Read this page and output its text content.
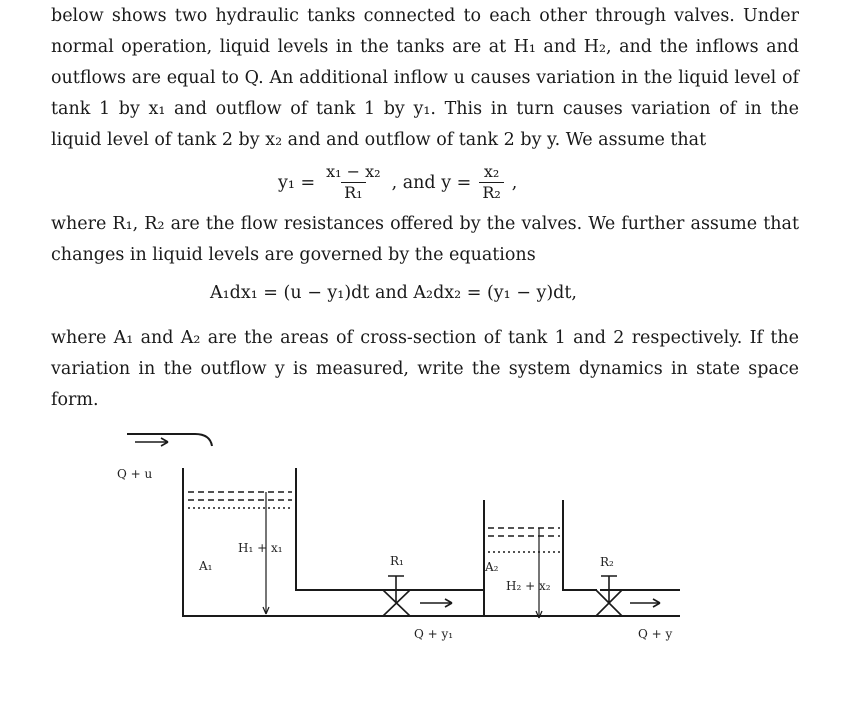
below shows two hydraulic tanks connected to each other through valves. Under normal operation, liquid levels in the tanks are at H₁ and H₂, and the inflows and outflows are equal to Q. An additional inflow u causes variation in the liquid level of tank 1 by x₁ and outflow of tank 1 by y₁. This in turn causes variation of in the liquid level of tank 2 by x₂ and and outflow of tank 2 by y. We assume that
$y_1 = \frac{\text{x₁ − x₂}}{\text{R₁}}$ , and $y = \frac{\text{x₂}}{\text{R₂}}$ ,
where R₁, R₂ are the flow resistances offered by the valves. We further assume that changes in liquid levels are governed by the equations
A₁dx₁ = (u − y₁)dt and A₂dx₂ = (y₁ − y)dt,
where A₁ and A₂ are the areas of cross-section of tank 1 and 2 respectively. If the variation in the outflow y is measured, write the system dynamics in state space form.
Q + u
A₁
H₁ + x₁
R₁
Q + y₁
A₂
H₂ + x₂
R₂
Q + y
